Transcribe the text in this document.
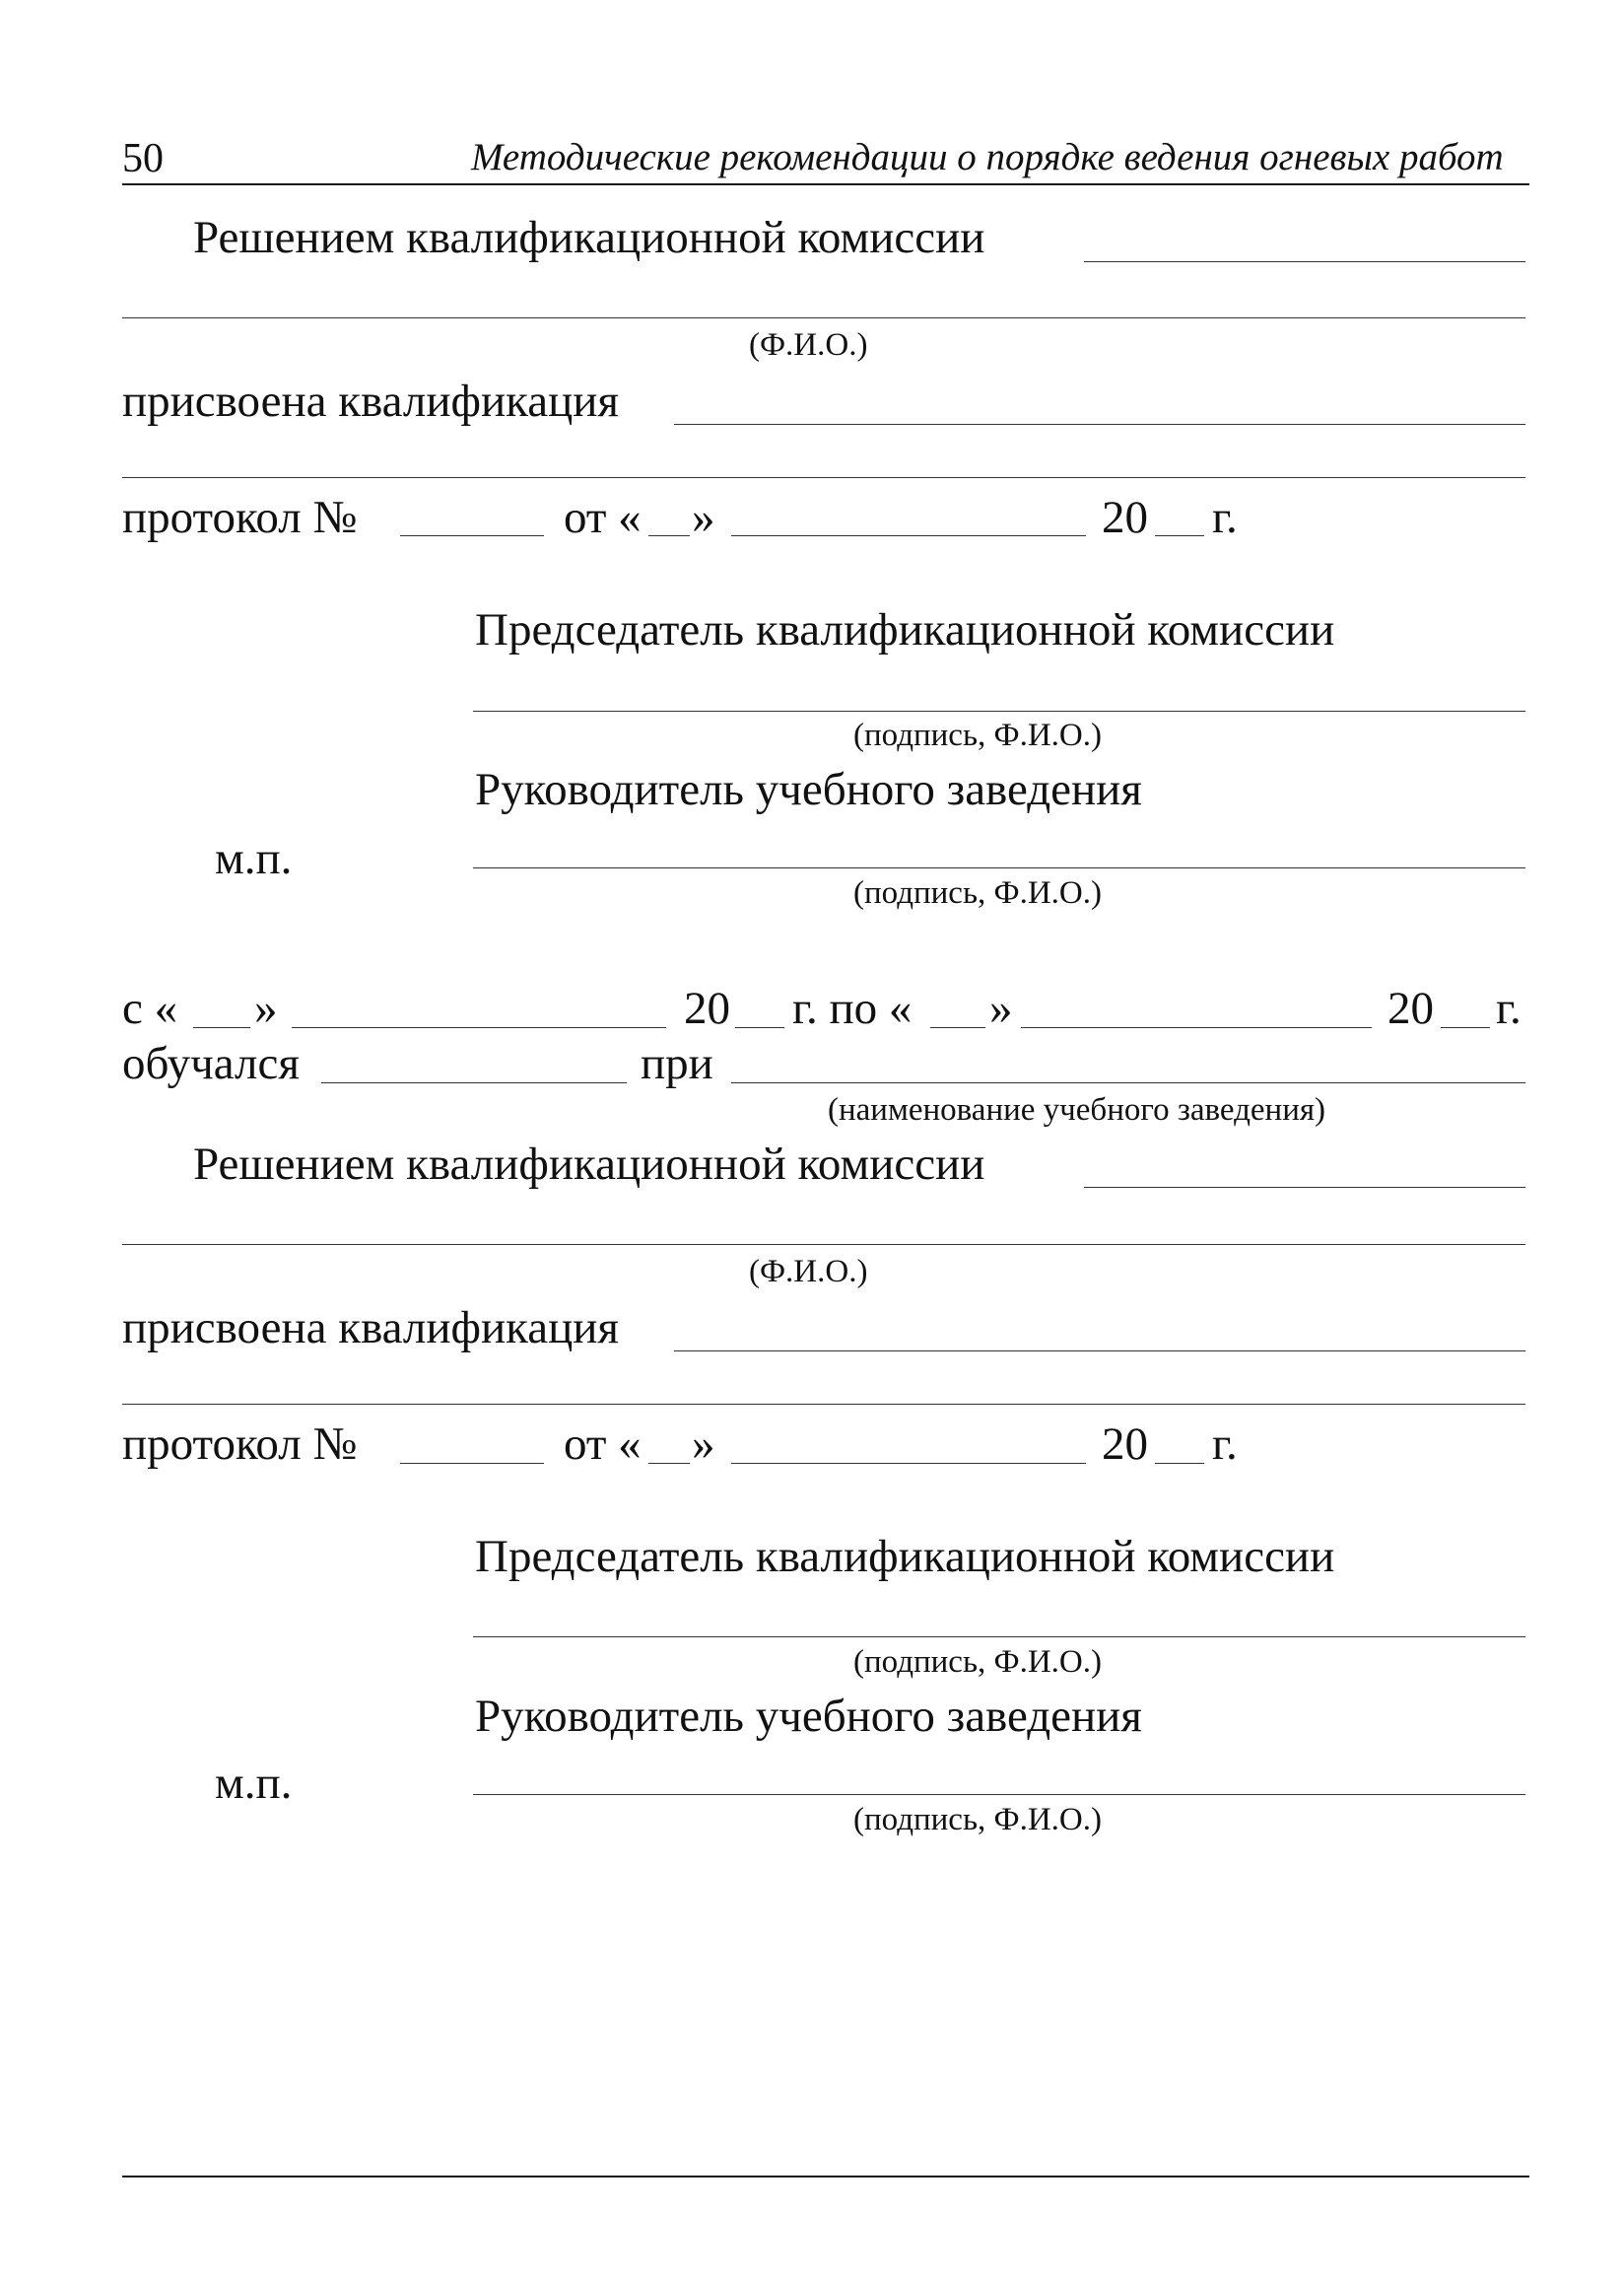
50	Методические рекомендации о порядке ведения огневых работ
Решением квалификационной комиссии
(Ф.И.О.)
присвоена квалификация
протокол №	от « »	20 г.
Председатель квалификационной комиссии
(подпись, Ф.И.О.)
Руководитель учебного заведения
м.п.
(подпись, Ф.И.О.)
с « »	20 г. по « »	20 г.
обучался	при
(наименование учебного заведения)
Решением квалификационной комиссии
(Ф.И.О.)
присвоена квалификация
протокол №	от « »	20 г.
Председатель квалификационной комиссии
(подпись, Ф.И.О.)
Руководитель учебного заведения
м.п.
(подпись, Ф.И.О.)
